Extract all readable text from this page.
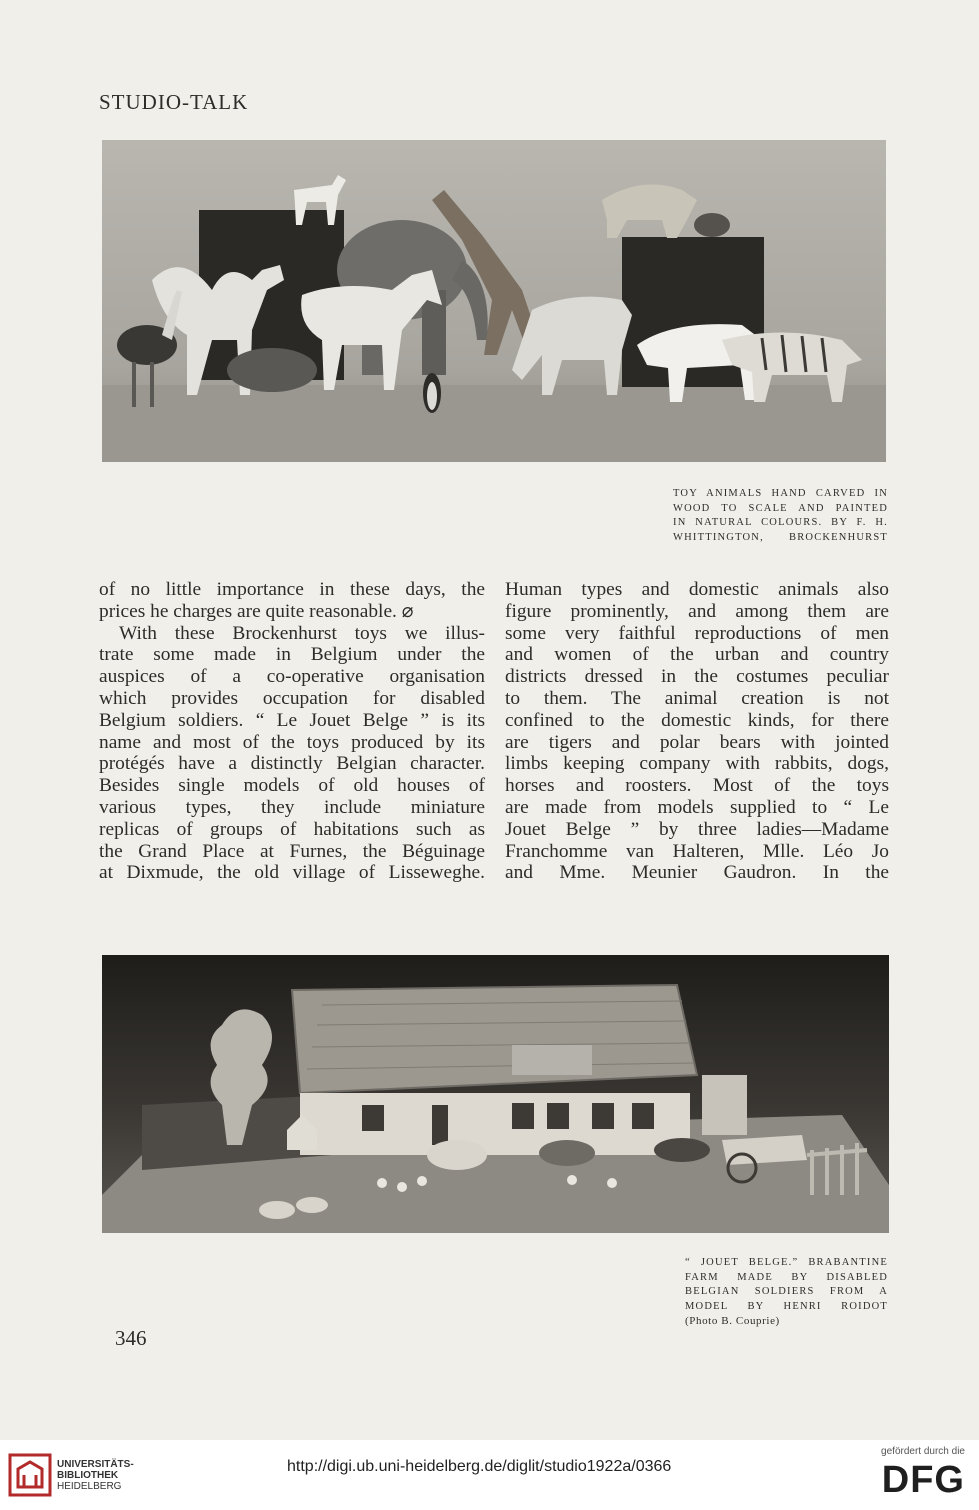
STUDIO-TALK
TOY ANIMALS HAND CARVED IN
WOOD TO SCALE AND PAINTED
IN NATURAL COLOURS. BY F. H.
WHITTINGTON, BROCKENHURST
of no little importance in these days, the
prices he charges are quite reasonable. ⌀
With these Brockenhurst toys we illus-
trate some made in Belgium under the
auspices of a co-operative organisation
which provides occupation for disabled
Belgium soldiers. “ Le Jouet Belge ” is its
name and most of the toys produced by its
protégés have a distinctly Belgian character.
Besides single models of old houses of
various types, they include miniature
replicas of groups of habitations such as
the Grand Place at Furnes, the Béguinage
at Dixmude, the old village of Lisseweghe.
Human types and domestic animals also
figure prominently, and among them are
some very faithful reproductions of men
and women of the urban and country
districts dressed in the costumes peculiar
to them. The animal creation is not
confined to the domestic kinds, for there
are tigers and polar bears with jointed
limbs keeping company with rabbits, dogs,
horses and roosters. Most of the toys
are made from models supplied to “ Le
Jouet Belge ” by three ladies—Madame
Franchomme van Halteren, Mlle. Léo Jo
and Mme. Meunier Gaudron. In the
“ JOUET BELGE.” BRABANTINE
FARM MADE BY DISABLED
BELGIAN SOLDIERS FROM A
MODEL BY HENRI ROIDOT
(Photo B. Couprie)
346
UNIVERSITÄTS-
BIBLIOTHEK
HEIDELBERG
http://digi.ub.uni-heidelberg.de/diglit/studio1922a/0366
gefördert durch die
DFG
